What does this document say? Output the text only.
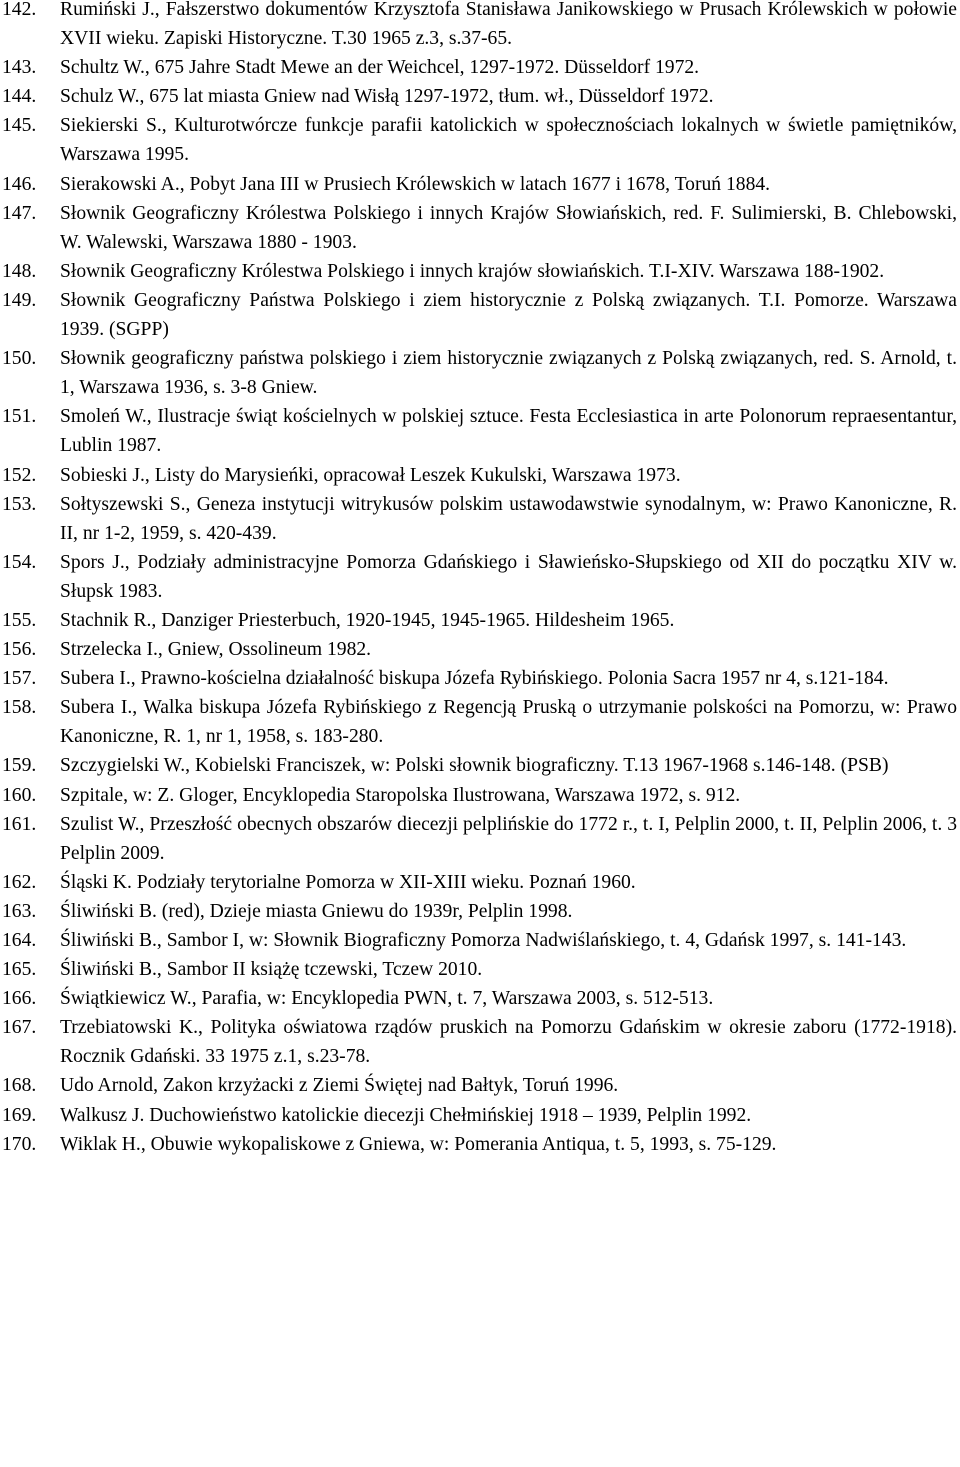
142.	Rumiński J., Fałszerstwo dokumentów Krzysztofa Stanisława Janikowskiego w Prusach Królewskich w połowie XVII wieku. Zapiski Historyczne. T.30 1965 z.3, s.37-65.
143.	Schultz W., 675 Jahre Stadt Mewe an der Weichcel, 1297-1972. Düsseldorf 1972.
144.	Schulz W., 675 lat miasta Gniew nad Wisłą 1297-1972, tłum. wł., Düsseldorf 1972.
145.	Siekierski S., Kulturotwórcze funkcje parafii katolickich w społecznościach lokalnych w świetle pamiętników, Warszawa 1995.
146.	Sierakowski A., Pobyt Jana III w Prusiech Królewskich w latach 1677 i 1678, Toruń 1884.
147.	Słownik Geograficzny Królestwa Polskiego i innych Krajów Słowiańskich, red. F. Sulimierski, B. Chlebowski, W. Walewski, Warszawa 1880 - 1903.
148.	Słownik Geograficzny Królestwa Polskiego i innych krajów słowiańskich. T.I-XIV. Warszawa 188-1902.
149.	Słownik Geograficzny Państwa Polskiego i ziem historycznie z Polską związanych. T.I. Pomorze. Warszawa 1939. (SGPP)
150.	Słownik geograficzny państwa polskiego i ziem historycznie związanych z Polską związanych, red. S. Arnold, t. 1, Warszawa 1936, s. 3-8 Gniew.
151.	Smoleń W., Ilustracje świąt kościelnych w polskiej sztuce. Festa Ecclesiastica in arte Polonorum repraesentantur, Lublin 1987.
152.	Sobieski J., Listy do Marysieńki, opracował Leszek Kukulski, Warszawa 1973.
153.	Sołtyszewski S., Geneza instytucji witrykusów polskim ustawodawstwie synodalnym, w: Prawo Kanoniczne, R. II, nr 1-2, 1959, s. 420-439.
154.	Spors J., Podziały administracyjne Pomorza Gdańskiego i Sławieńsko-Słupskiego od XII do początku XIV w. Słupsk 1983.
155.	Stachnik R., Danziger Priesterbuch, 1920-1945, 1945-1965. Hildesheim 1965.
156.	Strzelecka I., Gniew, Ossolineum 1982.
157.	Subera I., Prawno-kościelna działalność biskupa Józefa Rybińskiego. Polonia Sacra 1957 nr 4, s.121-184.
158.	Subera I., Walka biskupa Józefa Rybińskiego z Regencją Pruską o utrzymanie polskości na Pomorzu, w: Prawo Kanoniczne, R. 1, nr 1, 1958, s. 183-280.
159.	Szczygielski W., Kobielski Franciszek, w: Polski słownik biograficzny. T.13 1967-1968 s.146-148. (PSB)
160.	Szpitale, w: Z. Gloger, Encyklopedia Staropolska Ilustrowana, Warszawa 1972, s. 912.
161.	Szulist W., Przeszłość obecnych obszarów diecezji pelplińskie do 1772 r., t. I, Pelplin 2000, t. II, Pelplin 2006, t. 3 Pelplin 2009.
162.	Śląski K. Podziały terytorialne Pomorza w XII-XIII wieku. Poznań 1960.
163.	Śliwiński B. (red), Dzieje miasta Gniewu do 1939r, Pelplin 1998.
164.	Śliwiński B., Sambor I, w: Słownik Biograficzny Pomorza Nadwiślańskiego, t. 4, Gdańsk 1997, s. 141-143.
165.	Śliwiński B., Sambor II książę tczewski, Tczew 2010.
166.	Świątkiewicz W., Parafia, w: Encyklopedia PWN, t. 7, Warszawa 2003, s. 512-513.
167.	Trzebiatowski K., Polityka oświatowa rządów pruskich na Pomorzu Gdańskim w okresie zaboru (1772-1918). Rocznik Gdański. 33 1975 z.1, s.23-78.
168.	Udo Arnold, Zakon krzyżacki z Ziemi Świętej nad Bałtyk, Toruń 1996.
169.	Walkusz J. Duchowieństwo katolickie diecezji Chełmińskiej 1918 – 1939, Pelplin 1992.
170.	Wiklak H., Obuwie wykopaliskowe z Gniewa, w: Pomerania Antiqua, t. 5, 1993, s. 75-129.
